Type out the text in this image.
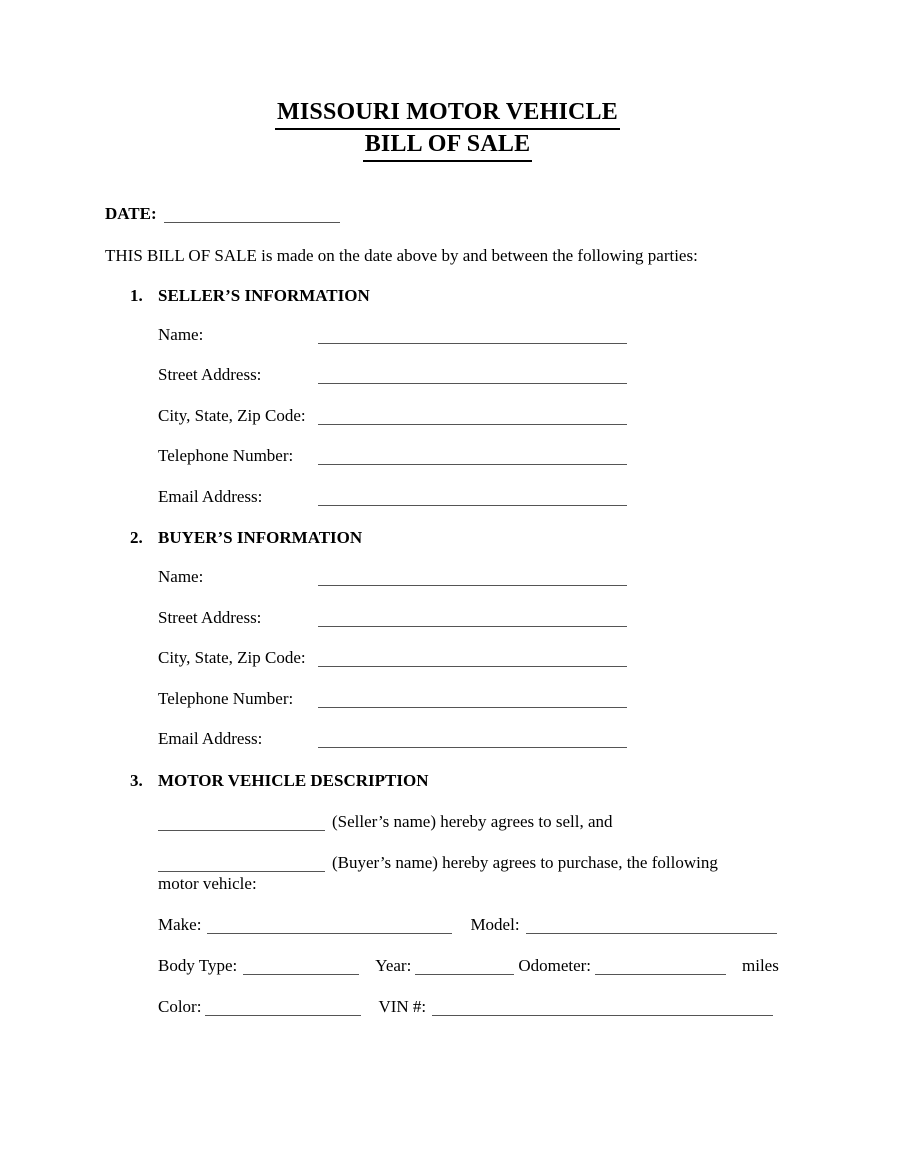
MISSOURI MOTOR VEHICLE
BILL OF SALE
DATE:
THIS BILL OF SALE is made on the date above by and between the following parties:
1. SELLER’S INFORMATION
Name:
Street Address:
City, State, Zip Code:
Telephone Number:
Email Address:
2. BUYER’S INFORMATION
Name:
Street Address:
City, State, Zip Code:
Telephone Number:
Email Address:
3. MOTOR VEHICLE DESCRIPTION
(Seller’s name) hereby agrees to sell, and
(Buyer’s name) hereby agrees to purchase, the following
motor vehicle:
Make:	Model:
Body Type:	Year:	Odometer:	miles
Color:	VIN #:
